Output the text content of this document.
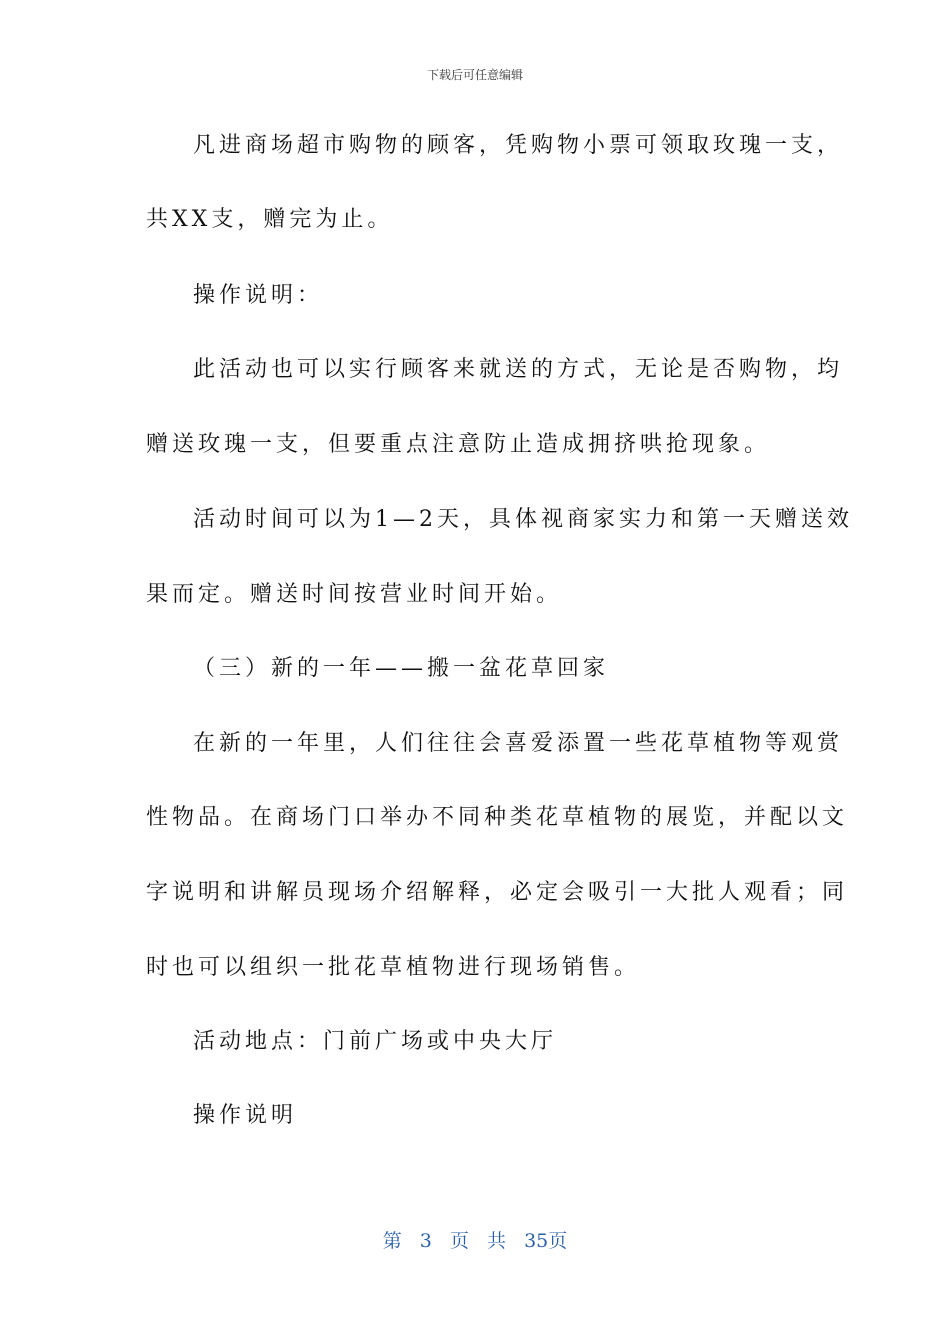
下载后可任意编辑
凡进商场超市购物的顾客，凭购物小票可领取玫瑰一支，
共XX支，赠完为止。
操作说明：
此活动也可以实行顾客来就送的方式，无论是否购物，均
赠送玫瑰一支，但要重点注意防止造成拥挤哄抢现象。
活动时间可以为1—2天，具体视商家实力和第一天赠送效
果而定。赠送时间按营业时间开始。
（三）新的一年——搬一盆花草回家
在新的一年里，人们往往会喜爱添置一些花草植物等观赏
性物品。在商场门口举办不同种类花草植物的展览，并配以文
字说明和讲解员现场介绍解释，必定会吸引一大批人观看；同
时也可以组织一批花草植物进行现场销售。
活动地点：门前广场或中央大厅
操作说明
第 3 页 共 35页
